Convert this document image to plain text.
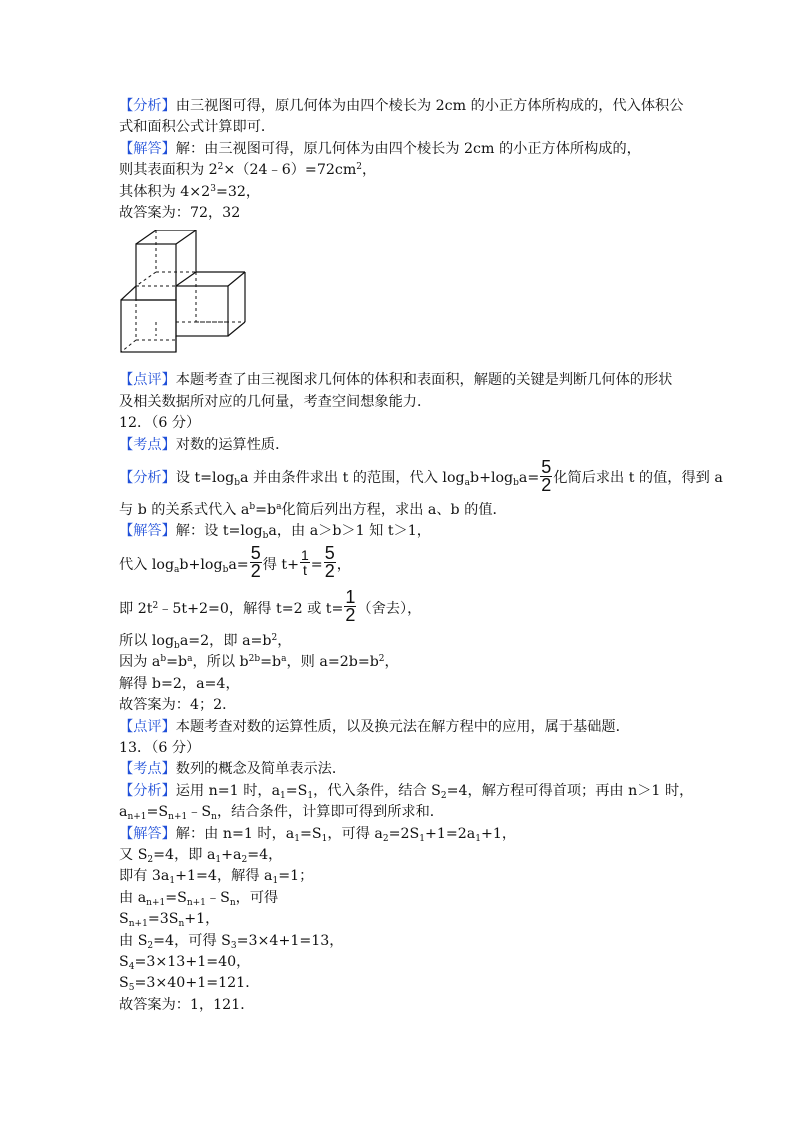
【分析】由三视图可得，原几何体为由四个棱长为 2cm 的小正方体所构成的，代入体积公
式和面积公式计算即可．
【解答】解：由三视图可得，原几何体为由四个棱长为 2cm 的小正方体所构成的，
则其表面积为 $2^2\times(24﹣6)=72cm^2$，
其体积为 $4\times 2^3=32$，
故答案为：72，32
【点评】本题考查了由三视图求几何体的体积和表面积，解题的关键是判断几何体的形状
及相关数据所对应的几何量，考查空间想象能力．
12．（6 分）
【考点】对数的运算性质．
【分析】设 $t=\log_ba$ 并由条件求出 t 的范围，代入 $\log_ab+\log_ba= \frac{5}{2}$ 化简后求出 t 的值，得到 a
与 b 的关系式代入 $a^b=b^a$化简后列出方程，求出 a、b 的值．
【解答】解：设 $t=\log_ba$，由 a＞b＞1 知 t＞1，
代入 $\log_ab+\log_ba= \frac{5}{2}$ 得 $t+ \frac{1}{t} = \frac{5}{2}$ ，
即 $2t^2﹣5t+2=0$，解得 t=2 或 $t= \frac{1}{2}$ （舍去），
所以 $\log_ba=2$，即 $a=b^2$，
因为 $a^b=b^a$，所以 $b^{2b}=b^a$，则 $a=2b=b^2$，
解得 b=2，a=4，
故答案为：4；2．
【点评】本题考查对数的运算性质，以及换元法在解方程中的应用，属于基础题．
13．（6 分）
【考点】数列的概念及简单表示法．
【分析】运用 n=1 时，$a_1=S_1$，代入条件，结合 $S_2=4$，解方程可得首项；再由 n＞1 时，
$a_{n+1}=S_{n+1}﹣S_n$，结合条件，计算即可得到所求和．
【解答】解：由 n=1 时，$a_1=S_1$，可得 $a_2=2S_1+1=2a_1+1$，
又 $S_2=4$，即 $a_1+a_2=4$，
即有 $3a_1+1=4$，解得 $a_1=1$；
由 $a_{n+1}=S_{n+1}﹣S_n$，可得
$S_{n+1}=3S_n+1$，
由 $S_2=4$，可得 $S_3=3\times 4+1=13$，
$S_4=3\times 13+1=40$，
$S_5=3\times 40+1=121$．
故答案为：1，121．
